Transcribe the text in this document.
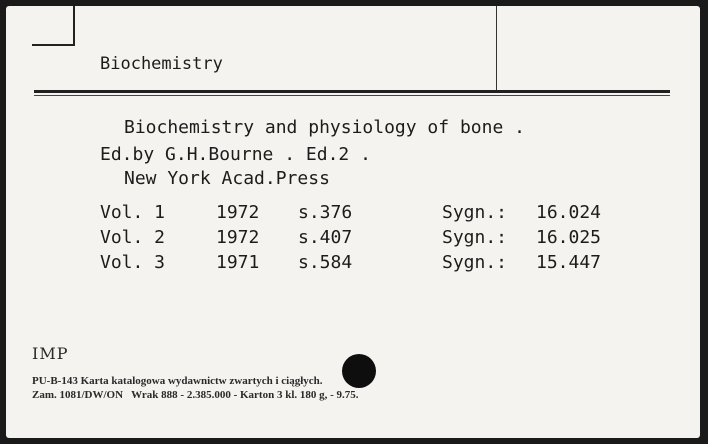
Biochemistry
Biochemistry and physiology of bone .
Ed.by G.H.Bourne . Ed.2 .
New York Acad.Press
Vol. 1	1972 s.376	Sygn.: 16.024
Vol. 2	1972 s.407	Sygn.: 16.025
Vol. 3	1971 s.584	Sygn.: 15.447
IMP
PU-B-143 Karta katalogowa wydawnictw zwartych i ciągłych.
Zam. 1081/DW/ON   Wrak 888 - 2.385.000 - Karton 3 kl. 180 g, - 9.75.
